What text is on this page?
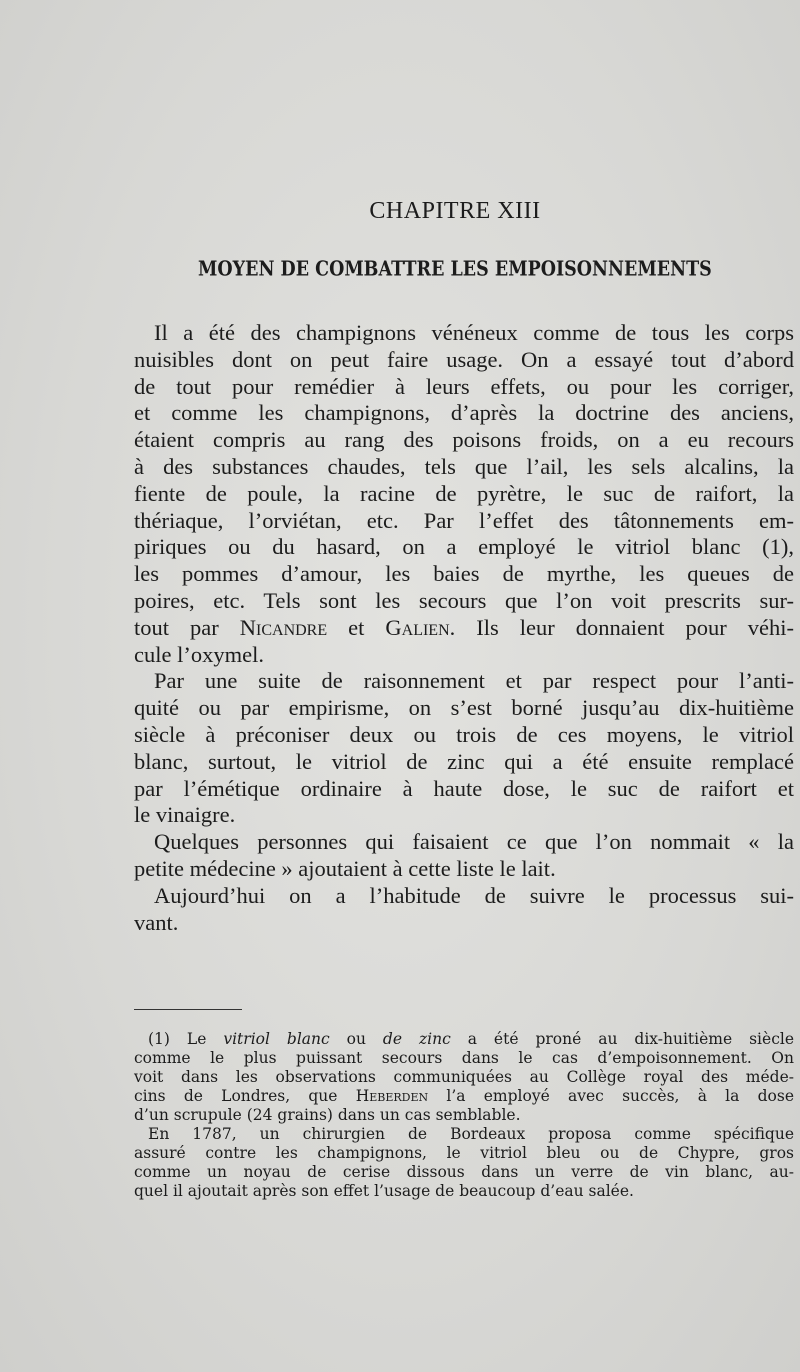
CHAPITRE XIII
MOYEN DE COMBATTRE LES EMPOISONNEMENTS
Il a été des champignons vénéneux comme de tous les corps
nuisibles dont on peut faire usage. On a essayé tout d’abord
de tout pour remédier à leurs effets, ou pour les corriger,
et comme les champignons, d’après la doctrine des anciens,
étaient compris au rang des poisons froids, on a eu recours
à des substances chaudes, tels que l’ail, les sels alcalins, la
fiente de poule, la racine de pyrètre, le suc de raifort, la
thériaque, l’orviétan, etc. Par l’effet des tâtonnements em-
piriques ou du hasard, on a employé le vitriol blanc (1),
les pommes d’amour, les baies de myrthe, les queues de
poires, etc. Tels sont les secours que l’on voit prescrits sur-
tout par Nicandre et Galien. Ils leur donnaient pour véhi-
cule l’oxymel.
Par une suite de raisonnement et par respect pour l’anti-
quité ou par empirisme, on s’est borné jusqu’au dix-huitième
siècle à préconiser deux ou trois de ces moyens, le vitriol
blanc, surtout, le vitriol de zinc qui a été ensuite remplacé
par l’émétique ordinaire à haute dose, le suc de raifort et
le vinaigre.
Quelques personnes qui faisaient ce que l’on nommait « la
petite médecine » ajoutaient à cette liste le lait.
Aujourd’hui on a l’habitude de suivre le processus sui-
vant.
(1) Le vitriol blanc ou de zinc a été proné au dix-huitième siècle
comme le plus puissant secours dans le cas d’empoisonnement. On
voit dans les observations communiquées au Collège royal des méde-
cins de Londres, que Heberden l’a employé avec succès, à la dose
d’un scrupule (24 grains) dans un cas semblable.
En 1787, un chirurgien de Bordeaux proposa comme spécifique
assuré contre les champignons, le vitriol bleu ou de Chypre, gros
comme un noyau de cerise dissous dans un verre de vin blanc, au-
quel il ajoutait après son effet l’usage de beaucoup d’eau salée.
